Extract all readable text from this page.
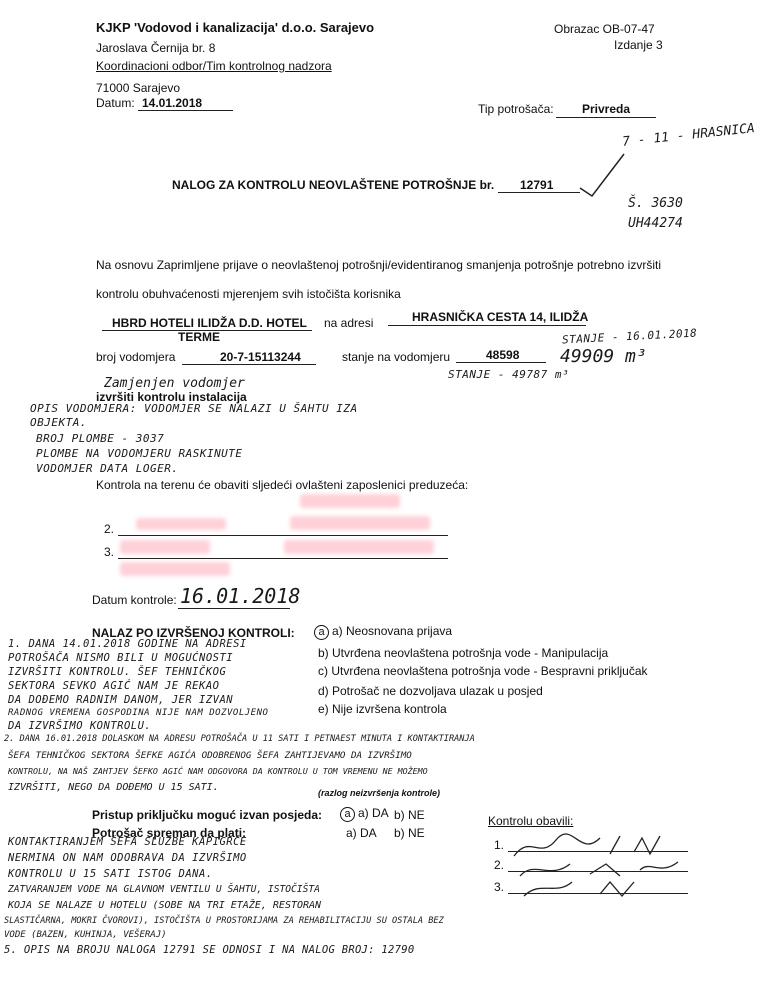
KJKP 'Vodovod i kanalizacija' d.o.o. Sarajevo
Jaroslava Černija br. 8
Koordinacioni odbor/Tim kontrolnog nadzora
71000 Sarajevo
Datum: 14.01.2018
Obrazac OB-07-47
Izdanje 3
Tip potrošača: Privreda
7 - 11 - HRASNICA
Š. 3630
UH44274
NALOG ZA KONTROLU NEOVLAŠTENE POTROŠNJE br. 12791
Na osnovu Zaprimljene prijave o neovlaštenoj potrošnji/evidentiranog smanjenja potrošnje potrebno izvršiti
kontrolu obuhvaćenosti mjerenjem svih istočišta korisnika
HBRD HOTELI ILIDŽA D.D. HOTEL
TERME
na adresi	HRASNIČKA CESTA 14, ILIDŽA
STANJE - 16.01.2018
broj vodomjera	20-7-15113244	stanje na vodomjeru	48598 49909 m³
STANJE - 49787 m³
Zamjenjen vodomjer
izvršiti kontrolu instalacija
OPIS VODOMJERA: VODOMJER SE NALAZI U ŠAHTU IZA
OBJEKTA.
BROJ PLOMBE - 3037
PLOMBE NA VODOMJERU RASKINUTE
VODOMJER DATA LOGER.
Kontrola na terenu će obaviti sljedeći ovlašteni zaposlenici preduzeća:
2.
3.
Datum kontrole: 16.01.2018
NALAZ PO IZVRŠENOJ KONTROLI:	a a) Neosnovana prijava
b) Utvrđena neovlaštena potrošnja vode - Manipulacija
c) Utvrđena neovlaštena potrošnja vode - Bespravni priključak
d) Potrošač ne dozvoljava ulazak u posjed
e) Nije izvršena kontrola
1. DANA 14.01.2018 GODINE NA ADRESI
POTROŠAČA NISMO BILI U MOGUĆNOSTI
IZVRŠITI KONTROLU. ŠEF TEHNIČKOG
SEKTORA SEVKO AGIĆ NAM JE REKAO
DA DOĐEMO RADNIM DANOM, JER IZVAN
RADNOG VREMENA GOSPODINA NIJE NAM DOZVOLJENO
DA IZVRŠIMO KONTROLU.
2. DANA 16.01.2018 DOLASKOM NA ADRESU POTROŠAČA U 11 SATI I PETNAEST MINUTA I KONTAKTIRANJA
ŠEFA TEHNIČKOG SEKTORA ŠEFKE AGIĆA ODOBRENOG ŠEFA ZAHTIJEVAMO DA IZVRŠIMO
KONTROLU, NA NAŠ ZAHTJEV ŠEFKO AGIĆ NAM ODGOVORA DA KONTROLU U TOM VREMENU NE MOŽEMO
IZVRŠITI, NEGO DA DOĐEMO U 15 SATI.	(razlog neizvršenja kontrole)
Pristup priključku moguć izvan posjeda:	a a) DA b) NE
Potrošač spreman da plati:	a) DA b) NE
Kontrolu obavili:
1.
2.
3.
KONTAKTIRANJEM ŠEFA SLUŽBE KAPIGRČE
NERMINA ON NAM ODOBRAVA DA IZVRŠIMO
KONTROLU U 15 SATI ISTOG DANA.
ZATVARANJEM VODE NA GLAVNOM VENTILU U ŠAHTU, ISTOČIŠTA
KOJA SE NALAZE U HOTELU (SOBE NA TRI ETAŽE, RESTORAN
SLASTIČARNA, MOKRI ČVOROVI), ISTOČIŠTA U PROSTORIJAMA ZA REHABILITACIJU SU OSTALA BEZ
VODE (BAZEN, KUHINJA, VEŠERAJ)
5. OPIS NA BROJU NALOGA 12791 SE ODNOSI I NA NALOG BROJ: 12790
